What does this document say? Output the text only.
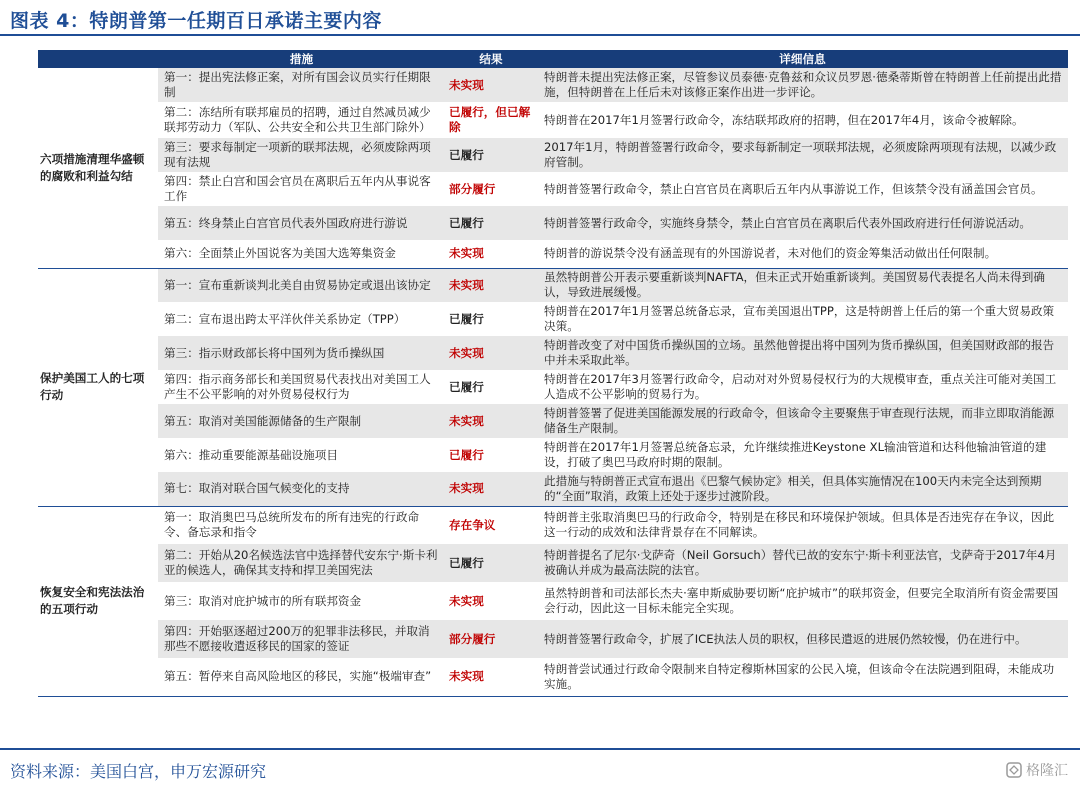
图表 4：特朗普第一任期百日承诺主要内容
	措施	结果	详细信息
六项措施清理华盛顿的腐败和利益勾结	第一：提出宪法修正案，对所有国会议员实行任期限制	未实现	特朗普未提出宪法修正案，尽管参议员泰德·克鲁兹和众议员罗恩·德桑蒂斯曾在特朗普上任前提出此措施，但特朗普在上任后未对该修正案作出进一步评论。
	第二：冻结所有联邦雇员的招聘，通过自然减员减少联邦劳动力（军队、公共安全和公共卫生部门除外）	已履行，但已解除	特朗普在2017年1月签署行政命令，冻结联邦政府的招聘，但在2017年4月，该命令被解除。
	第三：要求每制定一项新的联邦法规，必须废除两项现有法规	已履行	2017年1月，特朗普签署行政命令，要求每新制定一项联邦法规，必须废除两项现有法规，以减少政府管制。
	第四：禁止白宫和国会官员在离职后五年内从事说客工作	部分履行	特朗普签署行政命令，禁止白宫官员在离职后五年内从事游说工作，但该禁令没有涵盖国会官员。
	第五：终身禁止白宫官员代表外国政府进行游说	已履行	特朗普签署行政命令，实施终身禁令，禁止白宫官员在离职后代表外国政府进行任何游说活动。
	第六：全面禁止外国说客为美国大选筹集资金	未实现	特朗普的游说禁令没有涵盖现有的外国游说者，未对他们的资金筹集活动做出任何限制。
保护美国工人的七项行动	第一：宣布重新谈判北美自由贸易协定或退出该协定	未实现	虽然特朗普公开表示要重新谈判NAFTA，但未正式开始重新谈判。美国贸易代表提名人尚未得到确认，导致进展缓慢。
	第二：宣布退出跨太平洋伙伴关系协定（TPP）	已履行	特朗普在2017年1月签署总统备忘录，宣布美国退出TPP，这是特朗普上任后的第一个重大贸易政策决策。
	第三：指示财政部长将中国列为货币操纵国	未实现	特朗普改变了对中国货币操纵国的立场。虽然他曾提出将中国列为货币操纵国，但美国财政部的报告中并未采取此举。
	第四：指示商务部长和美国贸易代表找出对美国工人产生不公平影响的对外贸易侵权行为	已履行	特朗普在2017年3月签署行政命令，启动对对外贸易侵权行为的大规模审查，重点关注可能对美国工人造成不公平影响的贸易行为。
	第五：取消对美国能源储备的生产限制	未实现	特朗普签署了促进美国能源发展的行政命令，但该命令主要聚焦于审查现行法规，而非立即取消能源储备生产限制。
	第六：推动重要能源基础设施项目	已履行	特朗普在2017年1月签署总统备忘录，允许继续推进Keystone XL输油管道和达科他输油管道的建设，打破了奥巴马政府时期的限制。
	第七：取消对联合国气候变化的支持	未实现	此措施与特朗普正式宣布退出《巴黎气候协定》相关，但具体实施情况在100天内未完全达到预期的“全面”取消，政策上还处于逐步过渡阶段。
恢复安全和宪法法治的五项行动	第一：取消奥巴马总统所发布的所有违宪的行政命令、备忘录和指令	存在争议	特朗普主张取消奥巴马的行政命令，特别是在移民和环境保护领域。但具体是否违宪存在争议，因此这一行动的成效和法律背景存在不同解读。
	第二：开始从20名候选法官中选择替代安东宁·斯卡利亚的候选人，确保其支持和捍卫美国宪法	已履行	特朗普提名了尼尔·戈萨奇（Neil Gorsuch）替代已故的安东宁·斯卡利亚法官，戈萨奇于2017年4月被确认并成为最高法院的法官。
	第三：取消对庇护城市的所有联邦资金	未实现	虽然特朗普和司法部长杰夫·塞申斯威胁要切断“庇护城市”的联邦资金，但要完全取消所有资金需要国会行动，因此这一目标未能完全实现。
	第四：开始驱逐超过200万的犯罪非法移民，并取消那些不愿接收遣返移民的国家的签证	部分履行	特朗普签署行政命令，扩展了ICE执法人员的职权，但移民遣返的进展仍然较慢，仍在进行中。
	第五：暂停来自高风险地区的移民，实施“极端审查”	未实现	特朗普尝试通过行政命令限制来自特定穆斯林国家的公民入境，但该命令在法院遇到阻碍，未能成功实施。
资料来源：美国白宫，申万宏源研究	格隆汇
